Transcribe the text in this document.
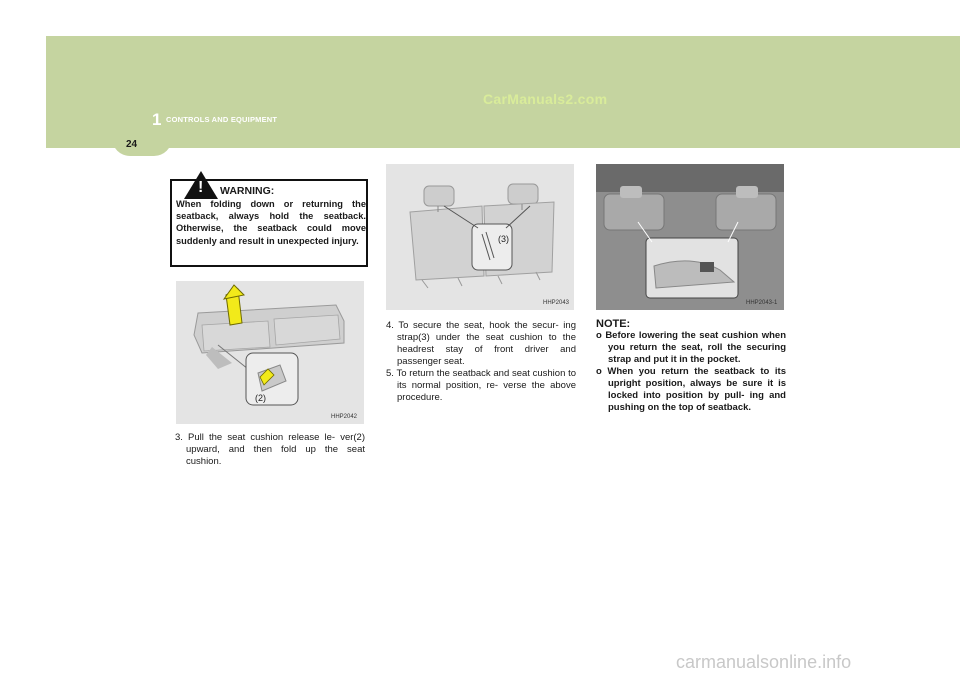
1 CONTROLS AND EQUIPMENT
24
CarManuals2.com
! WARNING:
When folding down or returning the seatback, always hold the seatback. Otherwise, the seatback could move suddenly and result in unexpected injury.
(2)
HHP2042
(3)
HHP2043	HHP2043-1
3. Pull the seat cushion release le- ver(2) upward, and then fold up the seat cushion.
4. To secure the seat, hook the secur- ing strap(3) under the seat cushion to the headrest stay of front driver and passenger seat.
5. To return the seatback and seat cushion to its normal position, re- verse the above procedure.
NOTE:
o Before lowering the seat cushion when you return the seat, roll the securing strap and put it in the pocket.
o When you return the seatback to its upright position, always be sure it is locked into position by pull- ing and pushing on the top of seatback.
carmanualsonline.info
